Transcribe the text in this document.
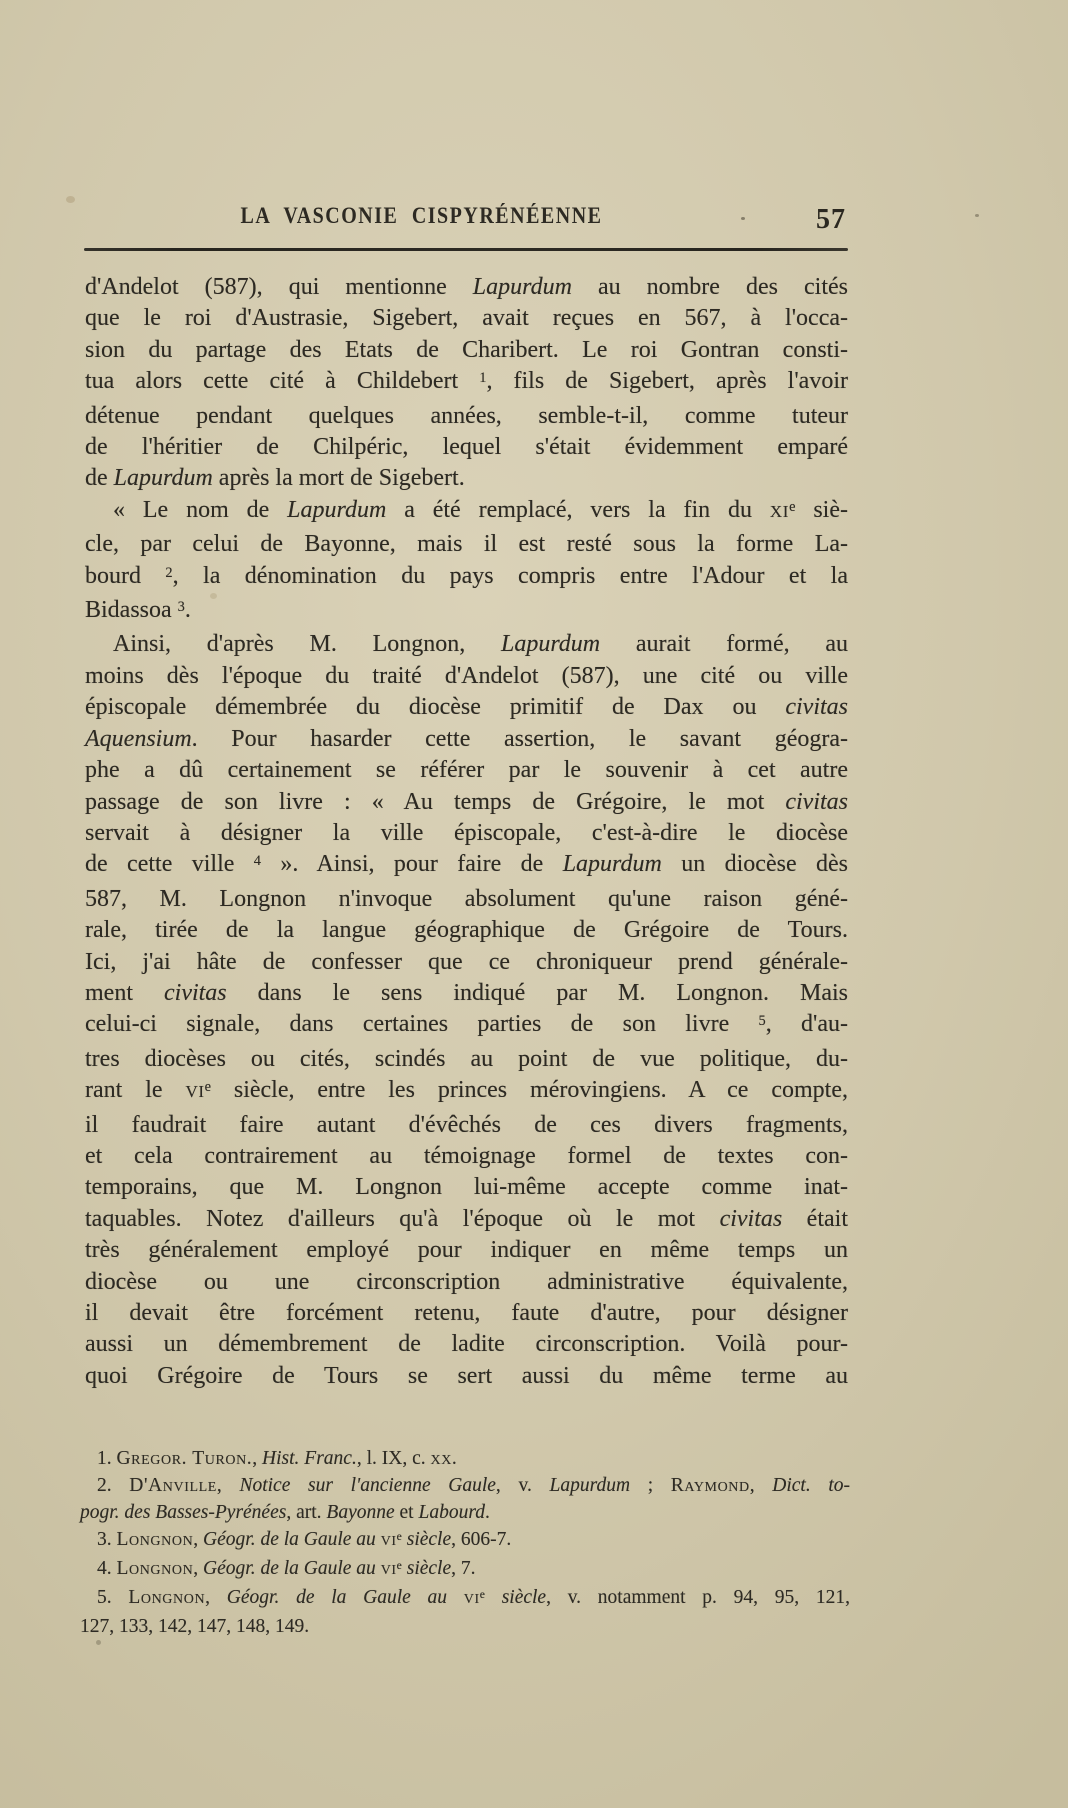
LA VASCONIE CISPYRÉNÉENNE	57
d'Andelot (587), qui mentionne Lapurdum au nombre des cités
que le roi d'Austrasie, Sigebert, avait reçues en 567, à l'occa-
sion du partage des Etats de Charibert. Le roi Gontran consti-
tua alors cette cité à Childebert $^1$, fils de Sigebert, après l'avoir
détenue pendant quelques années, semble-t-il, comme tuteur
de l'héritier de Chilpéric, lequel s'était évidemment emparé
de Lapurdum après la mort de Sigebert.
« Le nom de Lapurdum a été remplacé, vers la fin du $xi^e$ siè-
cle, par celui de Bayonne, mais il est resté sous la forme La-
bourd $^2$, la dénomination du pays compris entre l'Adour et la
Bidassoa $^3$.
Ainsi, d'après M. Longnon, Lapurdum aurait formé, au
moins dès l'époque du traité d'Andelot (587), une cité ou ville
épiscopale démembrée du diocèse primitif de Dax ou civitas
Aquensium. Pour hasarder cette assertion, le savant géogra-
phe a dû certainement se référer par le souvenir à cet autre
passage de son livre : « Au temps de Grégoire, le mot civitas
servait à désigner la ville épiscopale, c'est-à-dire le diocèse
de cette ville $^4$ ». Ainsi, pour faire de Lapurdum un diocèse dès
587, M. Longnon n'invoque absolument qu'une raison géné-
rale, tirée de la langue géographique de Grégoire de Tours.
Ici, j'ai hâte de confesser que ce chroniqueur prend générale-
ment civitas dans le sens indiqué par M. Longnon. Mais
celui-ci signale, dans certaines parties de son livre $^5$, d'au-
tres diocèses ou cités, scindés au point de vue politique, du-
rant le $vi^e$ siècle, entre les princes mérovingiens. A ce compte,
il faudrait faire autant d'évêchés de ces divers fragments,
et cela contrairement au témoignage formel de textes con-
temporains, que M. Longnon lui-même accepte comme inat-
taquables. Notez d'ailleurs qu'à l'époque où le mot civitas était
très généralement employé pour indiquer en même temps un
diocèse ou une circonscription administrative équivalente,
il devait être forcément retenu, faute d'autre, pour désigner
aussi un démembrement de ladite circonscription. Voilà pour-
quoi Grégoire de Tours se sert aussi du même terme au
1. Gregor. Turon., Hist. Franc., l. IX, c. xx.
2. D'Anville, Notice sur l'ancienne Gaule, v. Lapurdum ; Raymond, Dict. to-
pogr. des Basses-Pyrénées, art. Bayonne et Labourd.
3. Longnon, Géogr. de la Gaule au $vi^e$ siècle, 606-7.
4. Longnon, Géogr. de la Gaule au $vi^e$ siècle, 7.
5. Longnon, Géogr. de la Gaule au $vi^e$ siècle, v. notamment p. 94, 95, 121,
127, 133, 142, 147, 148, 149.
